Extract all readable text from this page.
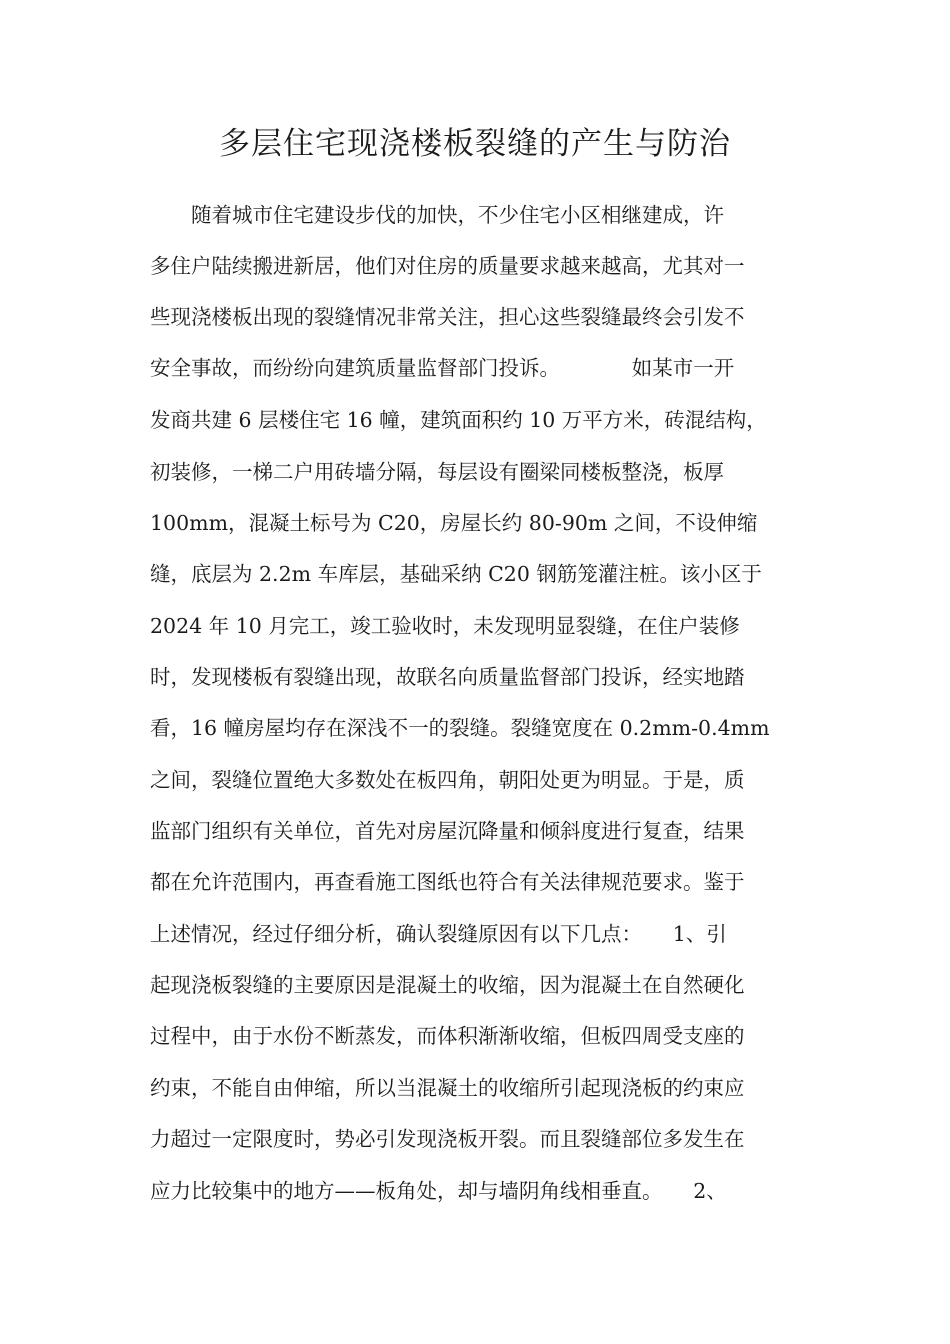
多层住宅现浇楼板裂缝的产生与防治
　　随着城市住宅建设步伐的加快，不少住宅小区相继建成，许
多住户陆续搬进新居，他们对住房的质量要求越来越高，尤其对一
些现浇楼板出现的裂缝情况非常关注，担心这些裂缝最终会引发不
安全事故，而纷纷向建筑质量监督部门投诉。　　　　如某市一开
发商共建 6 层楼住宅 16 幢，建筑面积约 10 万平方米，砖混结构，
初装修，一梯二户用砖墙分隔，每层设有圈梁同楼板整浇，板厚
100mm，混凝土标号为 C20，房屋长约 80-90m 之间，不设伸缩
缝，底层为 2.2m 车库层，基础采纳 C20 钢筋笼灌注桩。该小区于
2024 年 10 月完工，竣工验收时，未发现明显裂缝，在住户装修
时，发现楼板有裂缝出现，故联名向质量监督部门投诉，经实地踏
看，16 幢房屋均存在深浅不一的裂缝。裂缝宽度在 0.2mm-0.4mm
之间，裂缝位置绝大多数处在板四角，朝阳处更为明显。于是，质
监部门组织有关单位，首先对房屋沉降量和倾斜度进行复查，结果
都在允许范围内，再查看施工图纸也符合有关法律规范要求。鉴于
上述情况，经过仔细分析，确认裂缝原因有以下几点：　　1、引
起现浇板裂缝的主要原因是混凝土的收缩，因为混凝土在自然硬化
过程中，由于水份不断蒸发，而体积渐渐收缩，但板四周受支座的
约束，不能自由伸缩，所以当混凝土的收缩所引起现浇板的约束应
力超过一定限度时，势必引发现浇板开裂。而且裂缝部位多发生在
应力比较集中的地方——板角处，却与墙阴角线相垂直。　　2、
